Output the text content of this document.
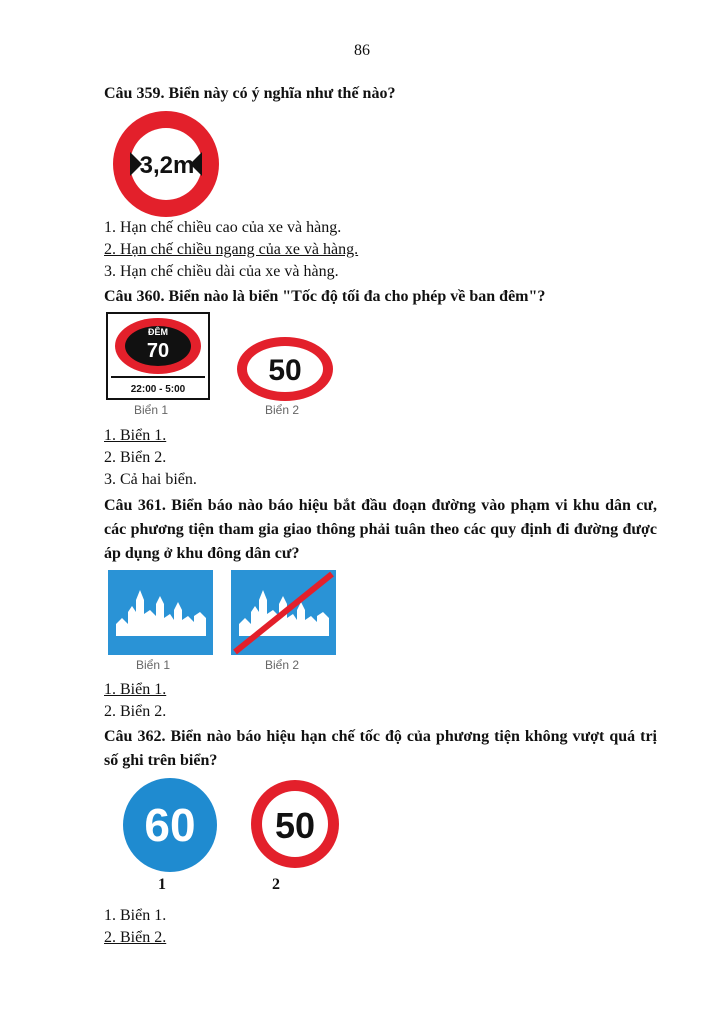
86
Câu 359. Biển này có ý nghĩa như thế nào?
3,2m
1. Hạn chế chiều cao của xe và hàng.
2. Hạn chế chiều ngang của xe và hàng.
3. Hạn chế chiều dài của xe và hàng.
Câu 360. Biển nào là biển "Tốc độ tối đa cho phép về ban đêm"?
ĐÊM
70
22:00 - 5:00
Biển 1
50
Biển 2
1. Biển 1.
2. Biển 2.
3. Cả hai biển.
Câu 361. Biển báo nào báo hiệu bắt đầu đoạn đường vào phạm vi khu dân cư, các phương tiện tham gia giao thông phải tuân theo các quy định đi đường được áp dụng ở khu đông dân cư?
Biển 1	Biển 2
1. Biển 1.
2. Biển 2.
Câu 362. Biển nào báo hiệu hạn chế tốc độ của phương tiện không vượt quá trị số ghi trên biển?
60
1
50
2
1. Biển 1.
2. Biển 2.
